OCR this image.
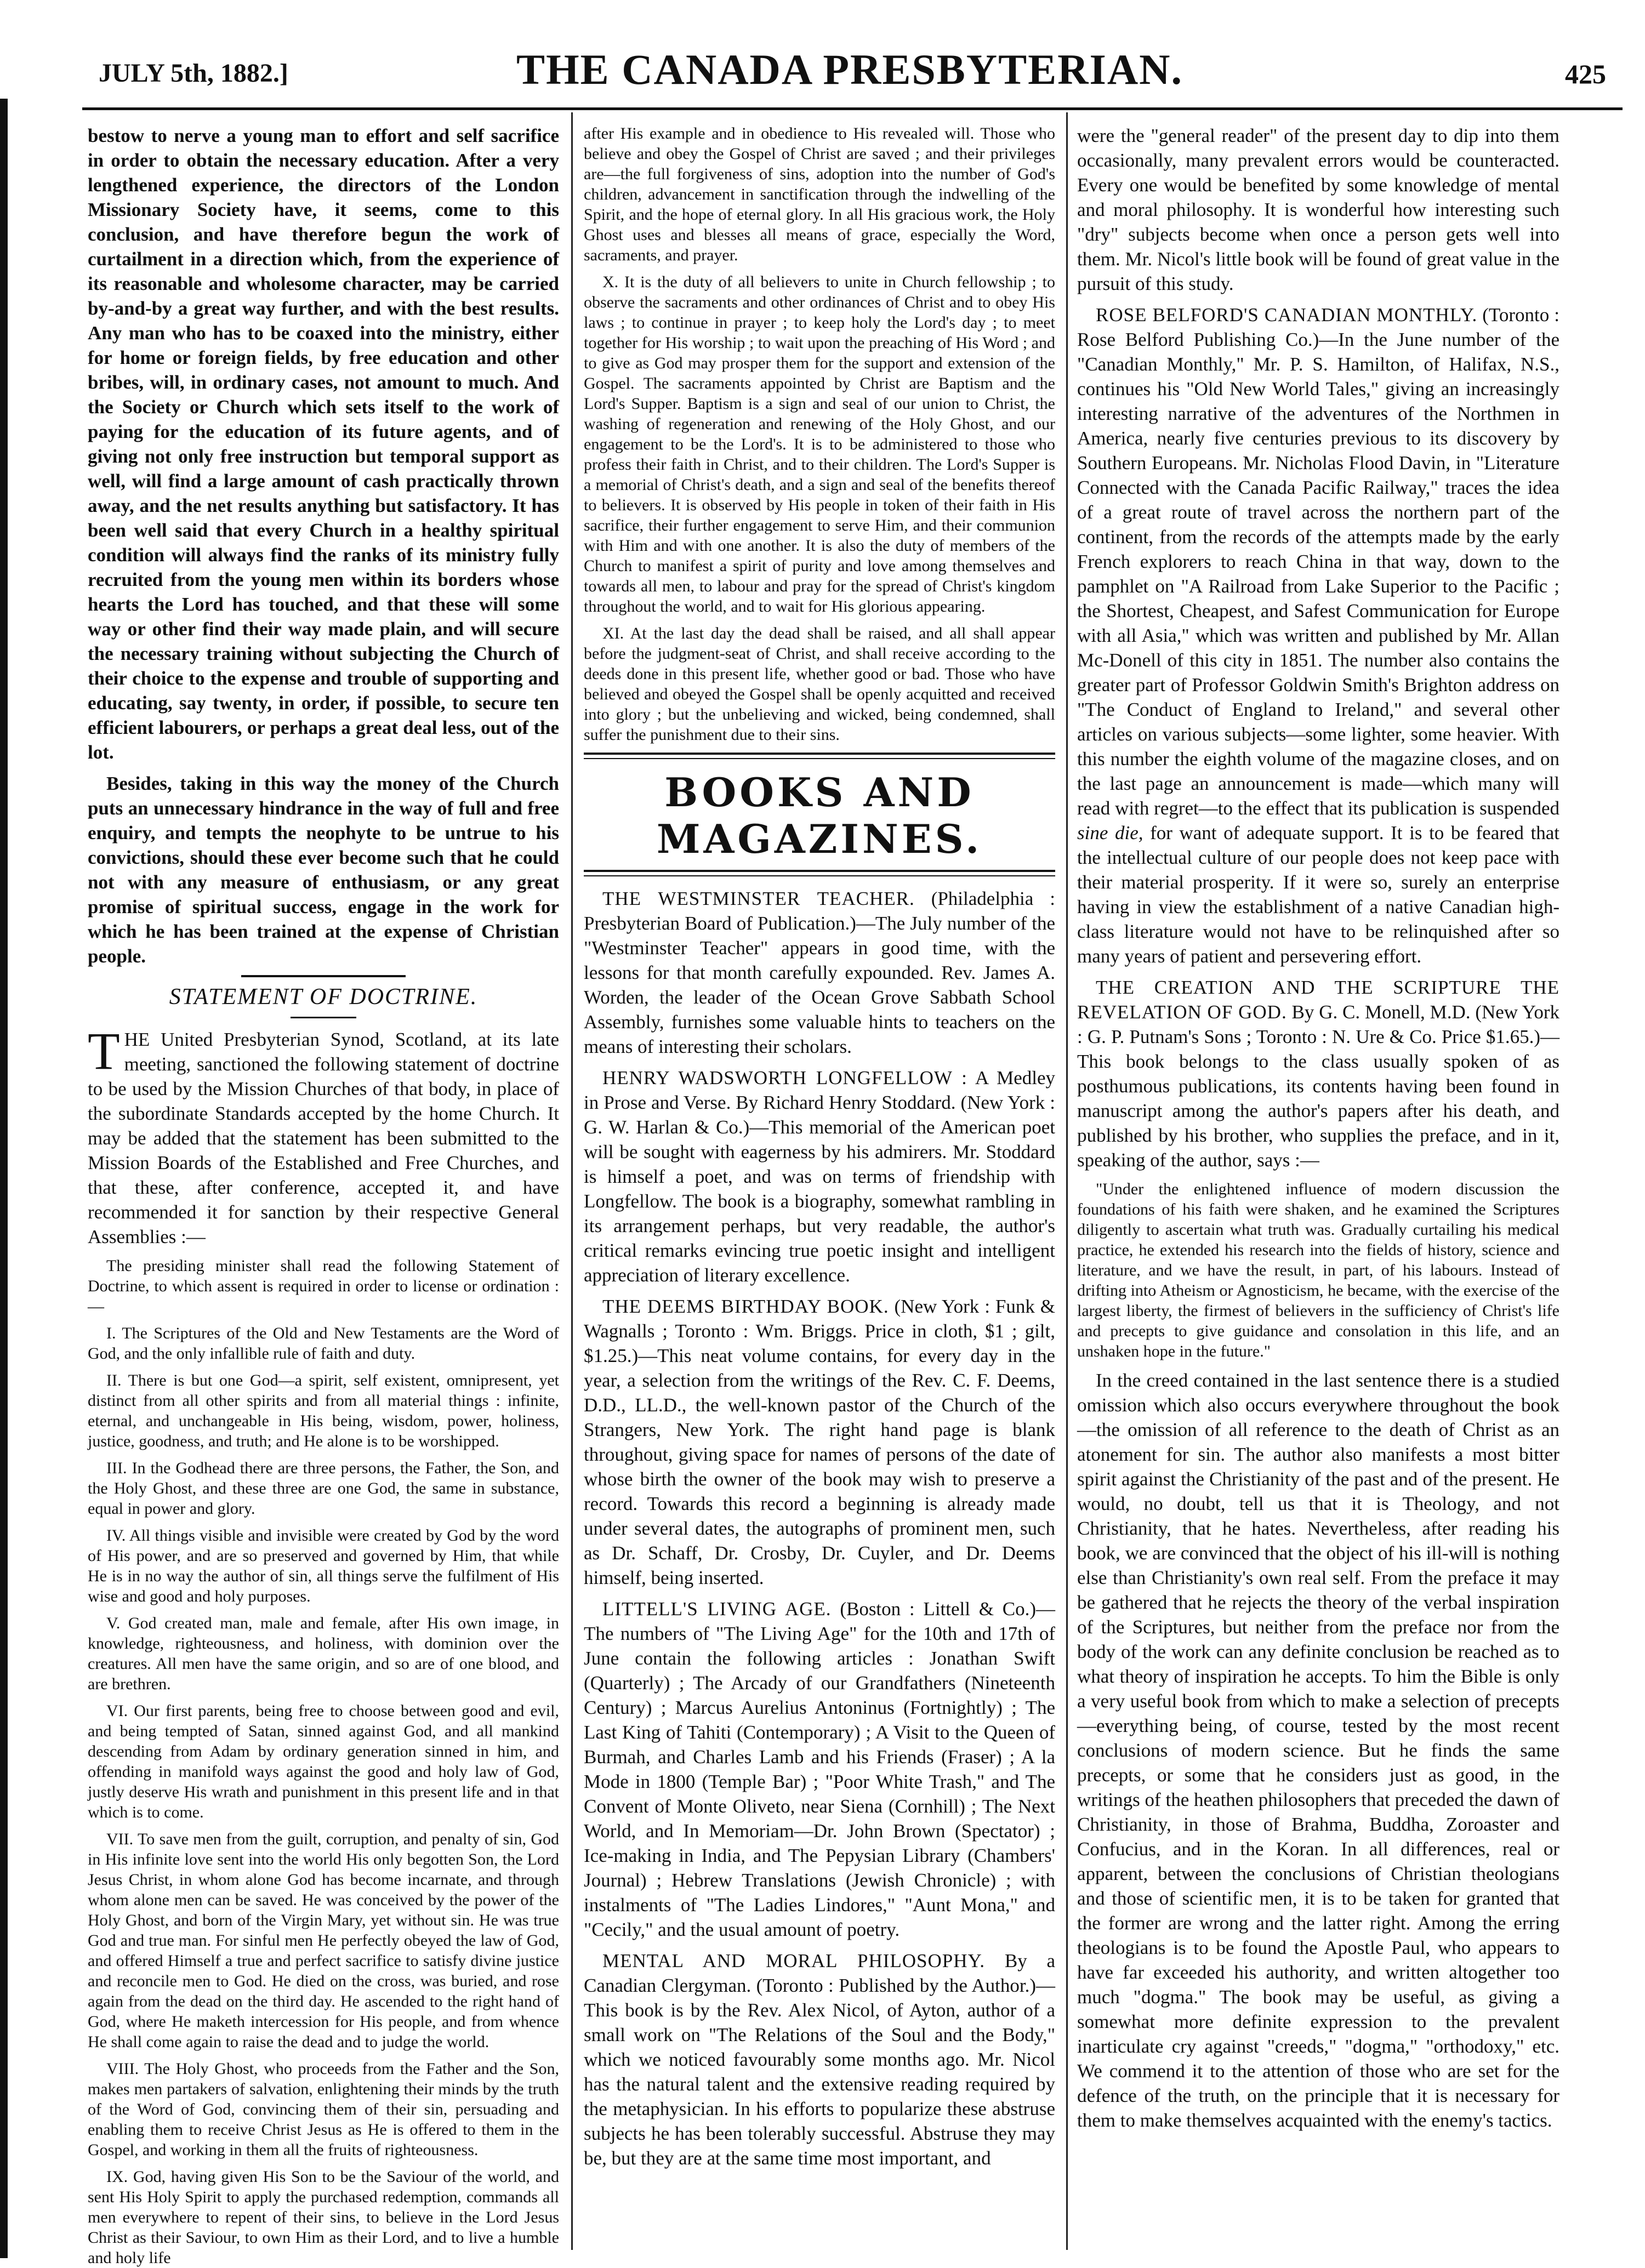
JULY 5th, 1882.]	THE CANADA PRESBYTERIAN.	425

bestow to nerve a young man to effort and self sacrifice in order to obtain the necessary education. After a very lengthened experience, the directors of the London Missionary Society have, it seems, come to this conclusion, and have therefore begun the work of curtailment in a direction which, from the experience of its reasonable and wholesome character, may be carried by-and-by a great way further, and with the best results. Any man who has to be coaxed into the ministry, either for home or foreign fields, by free education and other bribes, will, in ordinary cases, not amount to much. And the Society or Church which sets itself to the work of paying for the education of its future agents, and of giving not only free instruction but temporal support as well, will find a large amount of cash practically thrown away, and the net results anything but satisfactory. It has been well said that every Church in a healthy spiritual condition will always find the ranks of its ministry fully recruited from the young men within its borders whose hearts the Lord has touched, and that these will some way or other find their way made plain, and will secure the necessary training without subjecting the Church of their choice to the expense and trouble of supporting and educating, say twenty, in order, if possible, to secure ten efficient labourers, or perhaps a great deal less, out of the lot.

Besides, taking in this way the money of the Church puts an unnecessary hindrance in the way of full and free enquiry, and tempts the neophyte to be untrue to his convictions, should these ever become such that he could not with any measure of enthusiasm, or any great promise of spiritual success, engage in the work for which he has been trained at the expense of Christian people.

STATEMENT OF DOCTRINE.

THE United Presbyterian Synod, Scotland, at its late meeting, sanctioned the following statement of doctrine to be used by the Mission Churches of that body, in place of the subordinate Standards accepted by the home Church. It may be added that the statement has been submitted to the Mission Boards of the Established and Free Churches, and that these, after conference, accepted it, and have recommended it for sanction by their respective General Assemblies :—

The presiding minister shall read the following Statement of Doctrine, to which assent is required in order to license or ordination :—

I. The Scriptures of the Old and New Testaments are the Word of God, and the only infallible rule of faith and duty.

II. There is but one God—a spirit, self existent, omnipresent, yet distinct from all other spirits and from all material things : infinite, eternal, and unchangeable in His being, wisdom, power, holiness, justice, goodness, and truth; and He alone is to be worshipped.

III. In the Godhead there are three persons, the Father, the Son, and the Holy Ghost, and these three are one God, the same in substance, equal in power and glory.

IV. All things visible and invisible were created by God by the word of His power, and are so preserved and governed by Him, that while He is in no way the author of sin, all things serve the fulfilment of His wise and good and holy purposes.

V. God created man, male and female, after His own image, in knowledge, righteousness, and holiness, with dominion over the creatures. All men have the same origin, and so are of one blood, and are brethren.

VI. Our first parents, being free to choose between good and evil, and being tempted of Satan, sinned against God, and all mankind descending from Adam by ordinary generation sinned in him, and offending in manifold ways against the good and holy law of God, justly deserve His wrath and punishment in this present life and in that which is to come.

VII. To save men from the guilt, corruption, and penalty of sin, God in His infinite love sent into the world His only begotten Son, the Lord Jesus Christ, in whom alone God has become incarnate, and through whom alone men can be saved. He was conceived by the power of the Holy Ghost, and born of the Virgin Mary, yet without sin. He was true God and true man. For sinful men He perfectly obeyed the law of God, and offered Himself a true and perfect sacrifice to satisfy divine justice and reconcile men to God. He died on the cross, was buried, and rose again from the dead on the third day. He ascended to the right hand of God, where He maketh intercession for His people, and from whence He shall come again to raise the dead and to judge the world.

VIII. The Holy Ghost, who proceeds from the Father and the Son, makes men partakers of salvation, enlightening their minds by the truth of the Word of God, convincing them of their sin, persuading and enabling them to receive Christ Jesus as He is offered to them in the Gospel, and working in them all the fruits of righteousness.

IX. God, having given His Son to be the Saviour of the world, and sent His Holy Spirit to apply the purchased redemption, commands all men everywhere to repent of their sins, to believe in the Lord Jesus Christ as their Saviour, to own Him as their Lord, and to live a humble and holy life

after His example and in obedience to His revealed will. Those who believe and obey the Gospel of Christ are saved ; and their privileges are—the full forgiveness of sins, adoption into the number of God's children, advancement in sanctification through the indwelling of the Spirit, and the hope of eternal glory. In all His gracious work, the Holy Ghost uses and blesses all means of grace, especially the Word, sacraments, and prayer.

X. It is the duty of all believers to unite in Church fellowship ; to observe the sacraments and other ordinances of Christ and to obey His laws ; to continue in prayer ; to keep holy the Lord's day ; to meet together for His worship ; to wait upon the preaching of His Word ; and to give as God may prosper them for the support and extension of the Gospel. The sacraments appointed by Christ are Baptism and the Lord's Supper. Baptism is a sign and seal of our union to Christ, the washing of regeneration and renewing of the Holy Ghost, and our engagement to be the Lord's. It is to be administered to those who profess their faith in Christ, and to their children. The Lord's Supper is a memorial of Christ's death, and a sign and seal of the benefits thereof to believers. It is observed by His people in token of their faith in His sacrifice, their further engagement to serve Him, and their communion with Him and with one another. It is also the duty of members of the Church to manifest a spirit of purity and love among themselves and towards all men, to labour and pray for the spread of Christ's kingdom throughout the world, and to wait for His glorious appearing.

XI. At the last day the dead shall be raised, and all shall appear before the judgment-seat of Christ, and shall receive according to the deeds done in this present life, whether good or bad. Those who have believed and obeyed the Gospel shall be openly acquitted and received into glory ; but the unbelieving and wicked, being condemned, shall suffer the punishment due to their sins.

BOOKS AND MAGAZINES.

THE WESTMINSTER TEACHER. (Philadelphia : Presbyterian Board of Publication.)—The July number of the "Westminster Teacher" appears in good time, with the lessons for that month carefully expounded. Rev. James A. Worden, the leader of the Ocean Grove Sabbath School Assembly, furnishes some valuable hints to teachers on the means of interesting their scholars.

HENRY WADSWORTH LONGFELLOW : A Medley in Prose and Verse. By Richard Henry Stoddard. (New York : G. W. Harlan & Co.)—This memorial of the American poet will be sought with eagerness by his admirers. Mr. Stoddard is himself a poet, and was on terms of friendship with Longfellow. The book is a biography, somewhat rambling in its arrangement perhaps, but very readable, the author's critical remarks evincing true poetic insight and intelligent appreciation of literary excellence.

THE DEEMS BIRTHDAY BOOK. (New York : Funk & Wagnalls ; Toronto : Wm. Briggs. Price in cloth, $1 ; gilt, $1.25.)—This neat volume contains, for every day in the year, a selection from the writings of the Rev. C. F. Deems, D.D., LL.D., the well-known pastor of the Church of the Strangers, New York. The right hand page is blank throughout, giving space for names of persons of the date of whose birth the owner of the book may wish to preserve a record. Towards this record a beginning is already made under several dates, the autographs of prominent men, such as Dr. Schaff, Dr. Crosby, Dr. Cuyler, and Dr. Deems himself, being inserted.

LITTELL'S LIVING AGE. (Boston : Littell & Co.)—The numbers of "The Living Age" for the 10th and 17th of June contain the following articles : Jonathan Swift (Quarterly) ; The Arcady of our Grandfathers (Nineteenth Century) ; Marcus Aurelius Antoninus (Fortnightly) ; The Last King of Tahiti (Contemporary) ; A Visit to the Queen of Burmah, and Charles Lamb and his Friends (Fraser) ; A la Mode in 1800 (Temple Bar) ; "Poor White Trash," and The Convent of Monte Oliveto, near Siena (Cornhill) ; The Next World, and In Memoriam—Dr. John Brown (Spectator) ; Ice-making in India, and The Pepysian Library (Chambers' Journal) ; Hebrew Translations (Jewish Chronicle) ; with instalments of "The Ladies Lindores," "Aunt Mona," and "Cecily," and the usual amount of poetry.

MENTAL AND MORAL PHILOSOPHY. By a Canadian Clergyman. (Toronto : Published by the Author.)—This book is by the Rev. Alex Nicol, of Ayton, author of a small work on "The Relations of the Soul and the Body," which we noticed favourably some months ago. Mr. Nicol has the natural talent and the extensive reading required by the metaphysician. In his efforts to popularize these abstruse subjects he has been tolerably successful. Abstruse they may be, but they are at the same time most important, and

were the "general reader" of the present day to dip into them occasionally, many prevalent errors would be counteracted. Every one would be benefited by some knowledge of mental and moral philosophy. It is wonderful how interesting such "dry" subjects become when once a person gets well into them. Mr. Nicol's little book will be found of great value in the pursuit of this study.

ROSE BELFORD'S CANADIAN MONTHLY. (Toronto : Rose Belford Publishing Co.)—In the June number of the "Canadian Monthly," Mr. P. S. Hamilton, of Halifax, N.S., continues his "Old New World Tales," giving an increasingly interesting narrative of the adventures of the Northmen in America, nearly five centuries previous to its discovery by Southern Europeans. Mr. Nicholas Flood Davin, in "Literature Connected with the Canada Pacific Railway," traces the idea of a great route of travel across the northern part of the continent, from the records of the attempts made by the early French explorers to reach China in that way, down to the pamphlet on "A Railroad from Lake Superior to the Pacific ; the Shortest, Cheapest, and Safest Communication for Europe with all Asia," which was written and published by Mr. Allan Mc-Donell of this city in 1851. The number also contains the greater part of Professor Goldwin Smith's Brighton address on "The Conduct of England to Ireland," and several other articles on various subjects—some lighter, some heavier. With this number the eighth volume of the magazine closes, and on the last page an announcement is made—which many will read with regret—to the effect that its publication is suspended sine die, for want of adequate support. It is to be feared that the intellectual culture of our people does not keep pace with their material prosperity. If it were so, surely an enterprise having in view the establishment of a native Canadian high-class literature would not have to be relinquished after so many years of patient and persevering effort.

THE CREATION AND THE SCRIPTURE THE REVELATION OF GOD. By G. C. Monell, M.D. (New York : G. P. Putnam's Sons ; Toronto : N. Ure & Co. Price $1.65.)—This book belongs to the class usually spoken of as posthumous publications, its contents having been found in manuscript among the author's papers after his death, and published by his brother, who supplies the preface, and in it, speaking of the author, says :—

"Under the enlightened influence of modern discussion the foundations of his faith were shaken, and he examined the Scriptures diligently to ascertain what truth was. Gradually curtailing his medical practice, he extended his research into the fields of history, science and literature, and we have the result, in part, of his labours. Instead of drifting into Atheism or Agnosticism, he became, with the exercise of the largest liberty, the firmest of believers in the sufficiency of Christ's life and precepts to give guidance and consolation in this life, and an unshaken hope in the future."

In the creed contained in the last sentence there is a studied omission which also occurs everywhere throughout the book—the omission of all reference to the death of Christ as an atonement for sin. The author also manifests a most bitter spirit against the Christianity of the past and of the present. He would, no doubt, tell us that it is Theology, and not Christianity, that he hates. Nevertheless, after reading his book, we are convinced that the object of his ill-will is nothing else than Christianity's own real self. From the preface it may be gathered that he rejects the theory of the verbal inspiration of the Scriptures, but neither from the preface nor from the body of the work can any definite conclusion be reached as to what theory of inspiration he accepts. To him the Bible is only a very useful book from which to make a selection of precepts—everything being, of course, tested by the most recent conclusions of modern science. But he finds the same precepts, or some that he considers just as good, in the writings of the heathen philosophers that preceded the dawn of Christianity, in those of Brahma, Buddha, Zoroaster and Confucius, and in the Koran. In all differences, real or apparent, between the conclusions of Christian theologians and those of scientific men, it is to be taken for granted that the former are wrong and the latter right. Among the erring theologians is to be found the Apostle Paul, who appears to have far exceeded his authority, and written altogether too much "dogma." The book may be useful, as giving a somewhat more definite expression to the prevalent inarticulate cry against "creeds," "dogma," "orthodoxy," etc. We commend it to the attention of those who are set for the defence of the truth, on the principle that it is necessary for them to make themselves acquainted with the enemy's tactics.
